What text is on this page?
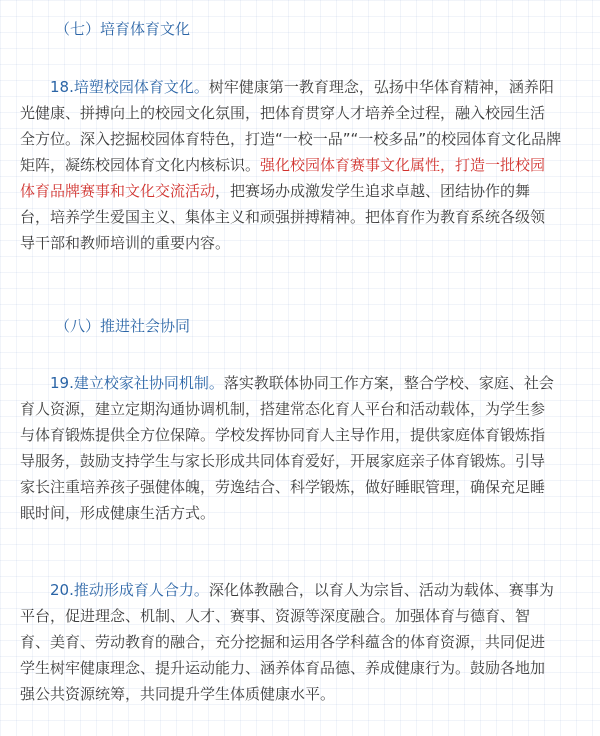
（七）培育体育文化
18.培塑校园体育文化。树牢健康第一教育理念，弘扬中华体育精神，涵养阳
光健康、拼搏向上的校园文化氛围，把体育贯穿人才培养全过程，融入校园生活
全方位。深入挖掘校园体育特色，打造“一校一品”“一校多品”的校园体育文化品牌
矩阵，凝练校园体育文化内核标识。强化校园体育赛事文化属性，打造一批校园
体育品牌赛事和文化交流活动，把赛场办成激发学生追求卓越、团结协作的舞
台，培养学生爱国主义、集体主义和顽强拼搏精神。把体育作为教育系统各级领
导干部和教师培训的重要内容。
（八）推进社会协同
19.建立校家社协同机制。落实教联体协同工作方案，整合学校、家庭、社会
育人资源，建立定期沟通协调机制，搭建常态化育人平台和活动载体，为学生参
与体育锻炼提供全方位保障。学校发挥协同育人主导作用，提供家庭体育锻炼指
导服务，鼓励支持学生与家长形成共同体育爱好，开展家庭亲子体育锻炼。引导
家长注重培养孩子强健体魄，劳逸结合、科学锻炼，做好睡眠管理，确保充足睡
眠时间，形成健康生活方式。
20.推动形成育人合力。深化体教融合，以育人为宗旨、活动为载体、赛事为
平台，促进理念、机制、人才、赛事、资源等深度融合。加强体育与德育、智
育、美育、劳动教育的融合，充分挖掘和运用各学科蕴含的体育资源，共同促进
学生树牢健康理念、提升运动能力、涵养体育品德、养成健康行为。鼓励各地加
强公共资源统筹，共同提升学生体质健康水平。
